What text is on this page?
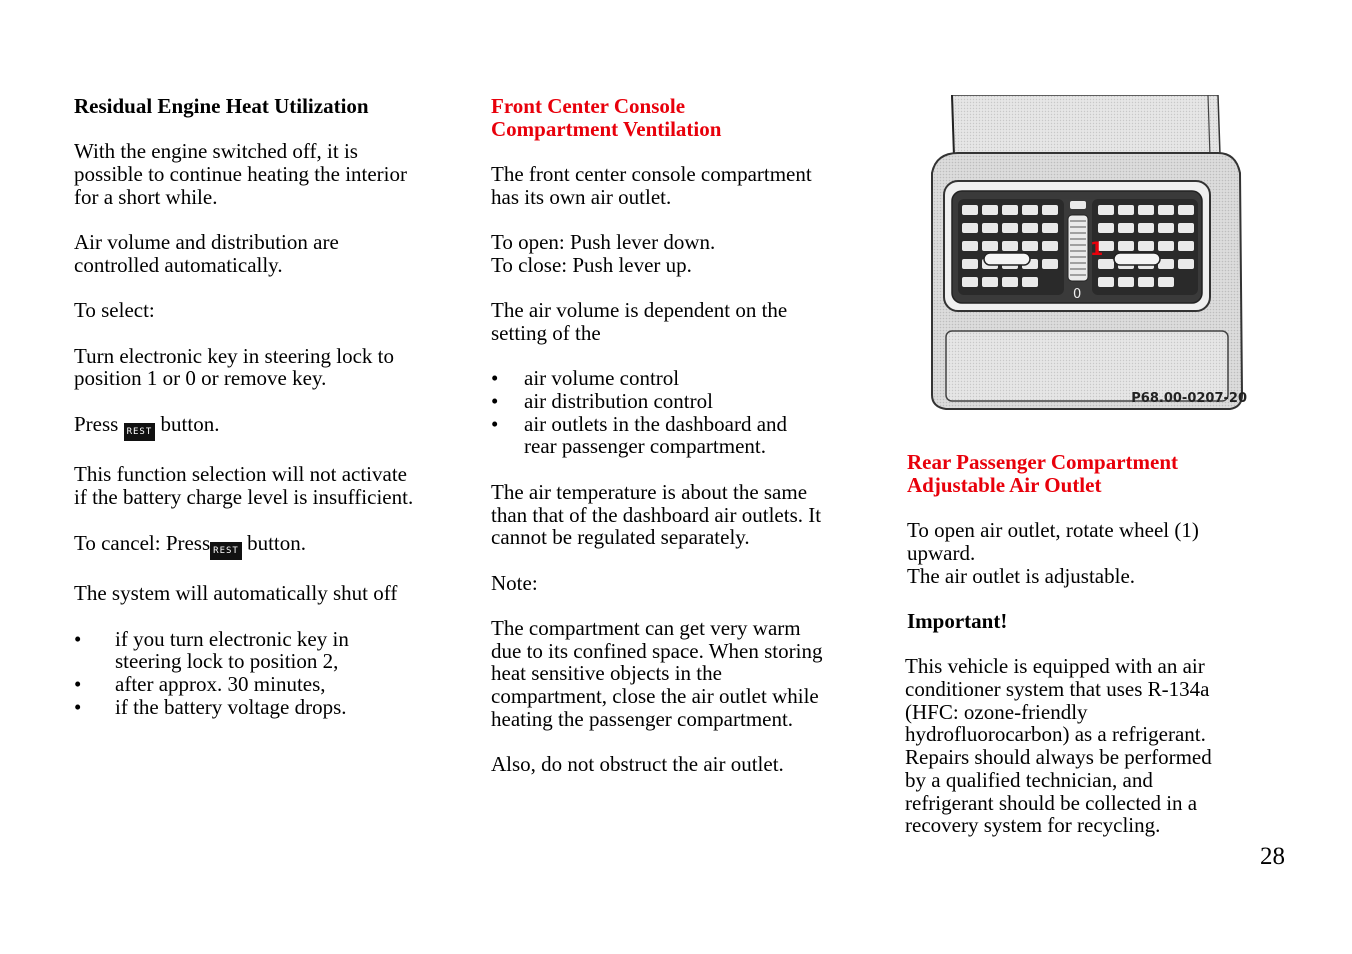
Residual Engine Heat Utilization
With the engine switched off, it is
possible to continue heating the interior
for a short while.
Air volume and distribution are
controlled automatically.
To select:
Turn electronic key in steering lock to
position 1 or 0 or remove key.
Press REST button.
This function selection will not activate
if the battery charge level is insufficient.
To cancel: Press REST button.
The system will automatically shut off
• if you turn electronic key in
steering lock to position 2,
• after approx. 30 minutes,
• if the battery voltage drops.
Front Center Console
Compartment Ventilation
The front center console compartment
has its own air outlet.
To open: Push lever down.
To close: Push lever up.
The air volume is dependent on the
setting of the
• air volume control
• air distribution control
• air outlets in the dashboard and
rear passenger compartment.
The air temperature is about the same
than that of the dashboard air outlets. It
cannot be regulated separately.
Note:
The compartment can get very warm
due to its confined space. When storing
heat sensitive objects in the
compartment, close the air outlet while
heating the passenger compartment.
Also, do not obstruct the air outlet.
0
1
P68.00-0207-20
Rear Passenger Compartment
Adjustable Air Outlet
To open air outlet, rotate wheel (1)
upward.
The air outlet is adjustable.
Important!
This vehicle is equipped with an air
conditioner system that uses R-134a
(HFC: ozone-friendly
hydrofluorocarbon) as a refrigerant.
Repairs should always be performed
by a qualified technician, and
refrigerant should be collected in a
recovery system for recycling.
28
